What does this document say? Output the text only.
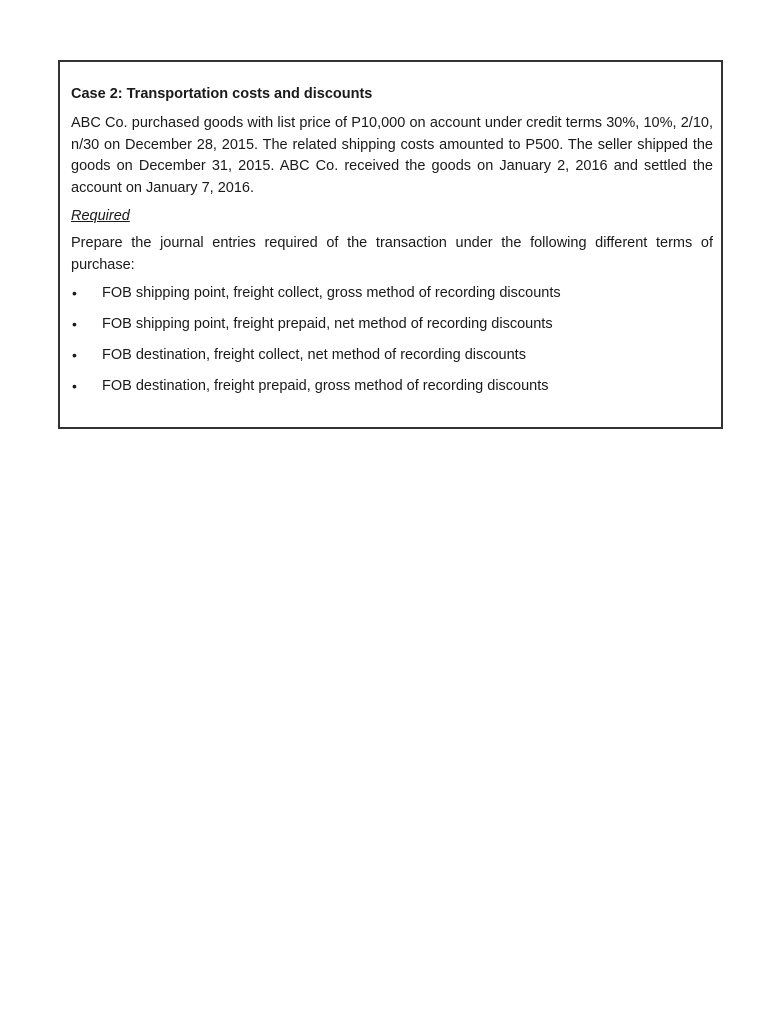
Case 2: Transportation costs and discounts

ABC Co. purchased goods with list price of P10,000 on account under credit terms 30%, 10%, 2/10, n/30 on December 28, 2015. The related shipping costs amounted to P500. The seller shipped the goods on December 31, 2015. ABC Co. received the goods on January 2, 2016 and settled the account on January 7, 2016.

Required

Prepare the journal entries required of the transaction under the following different terms of purchase:

• FOB shipping point, freight collect, gross method of recording discounts
• FOB shipping point, freight prepaid, net method of recording discounts
• FOB destination, freight collect, net method of recording discounts
• FOB destination, freight prepaid, gross method of recording discounts
